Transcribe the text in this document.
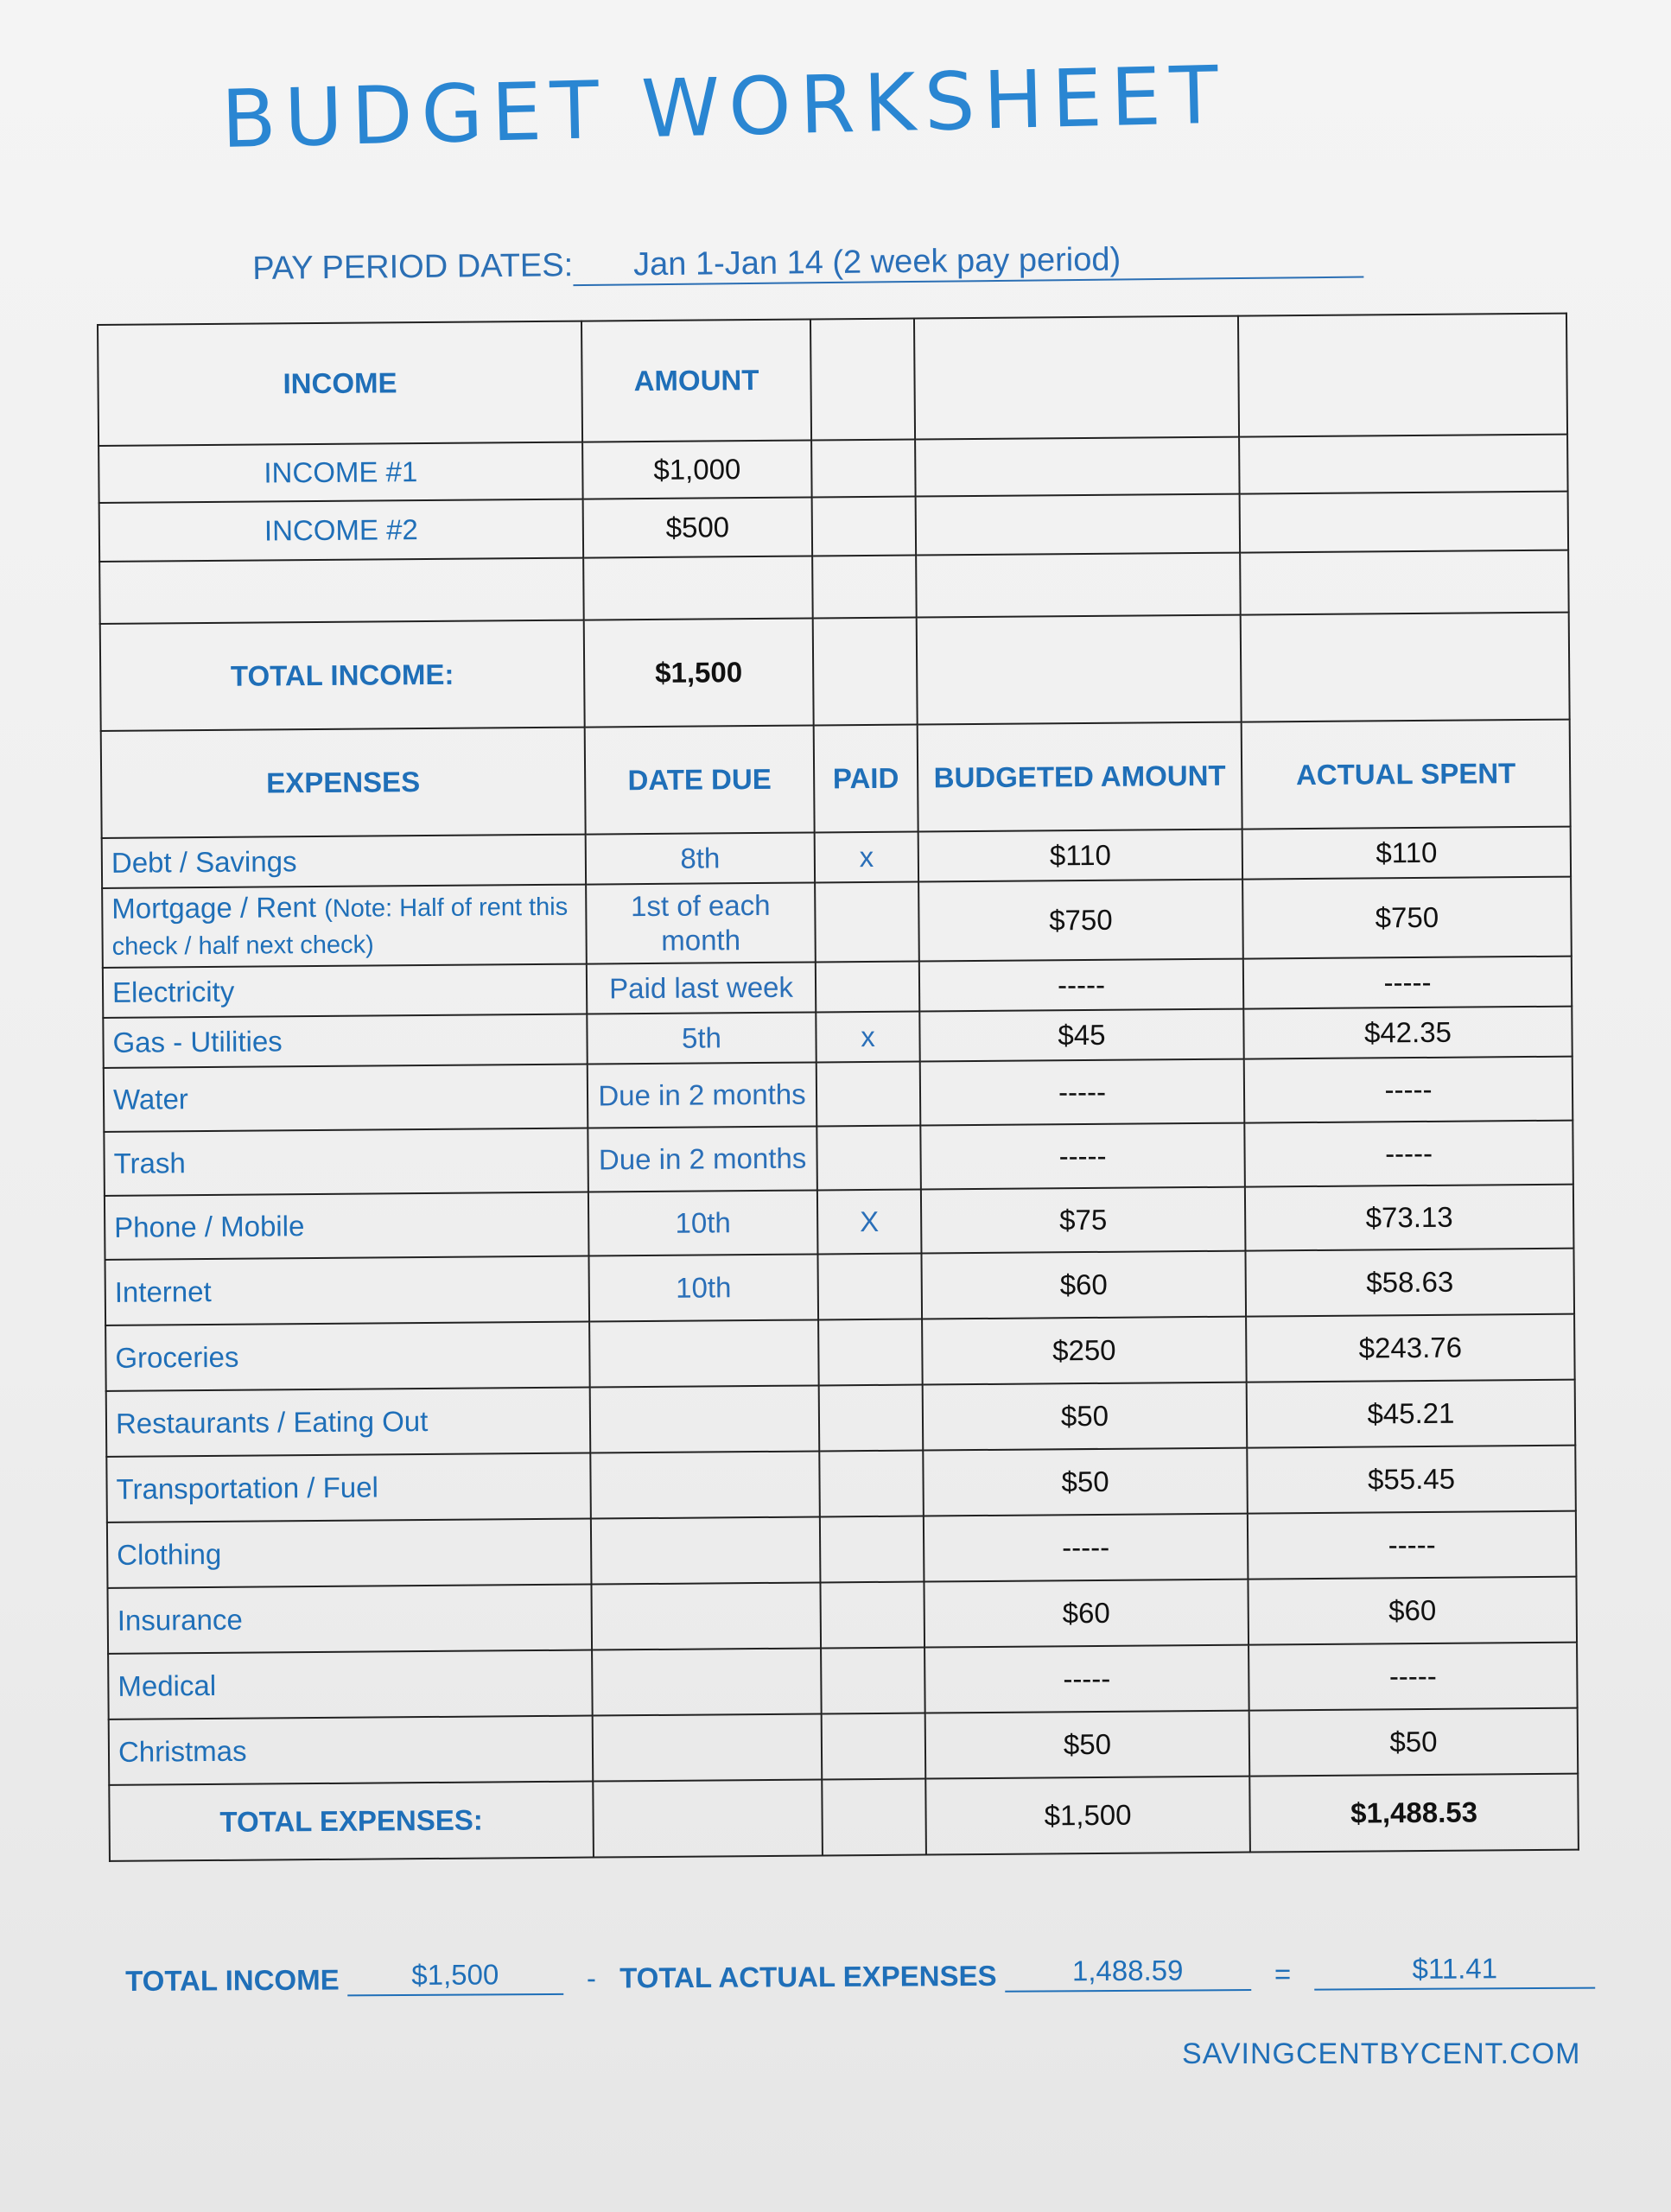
BUDGET WORKSHEET
PAY PERIOD DATES: Jan 1-Jan 14 (2 week pay period)
INCOME	AMOUNT			
INCOME #1	$1,000			
INCOME #2	$500			

TOTAL INCOME:	$1,500			
EXPENSES	DATE DUE	PAID	BUDGETED AMOUNT	ACTUAL SPENT
Debt / Savings	8th	x	$110	$110
Mortgage / Rent (Note: Half of rent this check / half next check)	1st of each month		$750	$750
Electricity	Paid last week		-----	-----
Gas - Utilities	5th	x	$45	$42.35
Water	Due in 2 months		-----	-----
Trash	Due in 2 months		-----	-----
Phone / Mobile	10th	X	$75	$73.13
Internet	10th		$60	$58.63
Groceries			$250	$243.76
Restaurants / Eating Out			$50	$45.21
Transportation / Fuel			$50	$55.45
Clothing			-----	-----
Insurance			$60	$60
Medical			-----	-----
Christmas			$50	$50
TOTAL EXPENSES:			$1,500	$1,488.53
TOTAL INCOME	$1,500	- TOTAL ACTUAL EXPENSES	1,488.59	=	$11.41
SAVINGCENTBYCENT.COM
